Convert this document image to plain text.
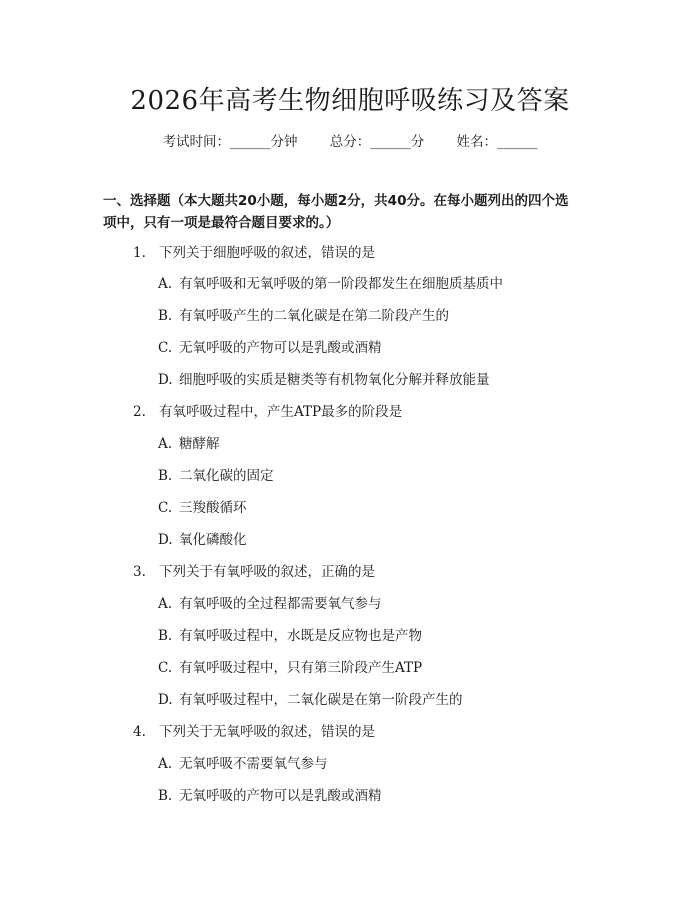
2026年高考生物细胞呼吸练习及答案
考试时间：______分钟 总分：______分 姓名：______
一、选择题（本大题共20小题，每小题2分，共40分。在每小题列出的四个选
项中，只有一项是最符合题目要求的。）
1. 下列关于细胞呼吸的叙述，错误的是
A. 有氧呼吸和无氧呼吸的第一阶段都发生在细胞质基质中
B. 有氧呼吸产生的二氧化碳是在第二阶段产生的
C. 无氧呼吸的产物可以是乳酸或酒精
D. 细胞呼吸的实质是糖类等有机物氧化分解并释放能量
2. 有氧呼吸过程中，产生ATP最多的阶段是
A. 糖酵解
B. 二氧化碳的固定
C. 三羧酸循环
D. 氧化磷酸化
3. 下列关于有氧呼吸的叙述，正确的是
A. 有氧呼吸的全过程都需要氧气参与
B. 有氧呼吸过程中，水既是反应物也是产物
C. 有氧呼吸过程中，只有第三阶段产生ATP
D. 有氧呼吸过程中，二氧化碳是在第一阶段产生的
4. 下列关于无氧呼吸的叙述，错误的是
A. 无氧呼吸不需要氧气参与
B. 无氧呼吸的产物可以是乳酸或酒精
